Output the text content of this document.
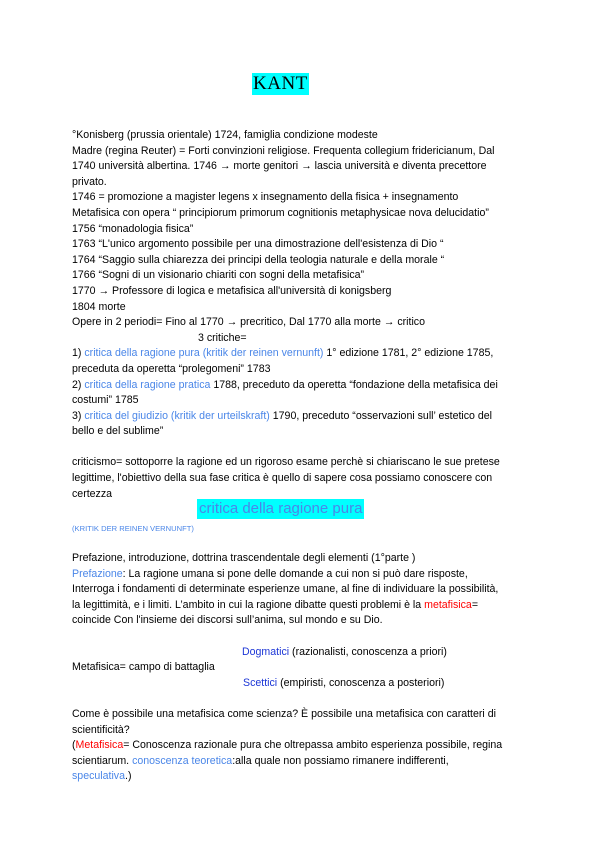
KANT
°Konisberg (prussia orientale) 1724, famiglia condizione modeste
Madre (regina Reuter) = Forti convinzioni religiose. Frequenta collegium fridericianum, Dal
1740 università albertina. 1746 → morte genitori → lascia università e diventa precettore
privato.
1746 = promozione a magister legens x insegnamento della fisica + insegnamento
Metafisica con opera “ principiorum primorum cognitionis metaphysicae nova delucidatio”
1756 “monadologia fisica”
1763 “L'unico argomento possibile per una dimostrazione dell'esistenza di Dio “
1764 “Saggio sulla chiarezza dei principi della teologia naturale e della morale “
1766 “Sogni di un visionario chiariti con sogni della metafisica”
1770 → Professore di logica e metafisica all'università di konigsberg
1804 morte
Opere in 2 periodi= Fino al 1770 → precritico, Dal 1770 alla morte → critico
3 critiche=
1) critica della ragione pura (kritik der reinen vernunft) 1° edizione 1781, 2° edizione 1785,
preceduta da operetta “prolegomeni” 1783
2) critica della ragione pratica 1788, preceduto da operetta “fondazione della metafisica dei
costumi” 1785
3) critica del giudizio (kritik der urteilskraft) 1790, preceduto “osservazioni sull’ estetico del
bello e del sublime”
criticismo= sottoporre la ragione ed un rigoroso esame perchè si chiariscano le sue pretese
legittime, l'obiettivo della sua fase critica è quello di sapere cosa possiamo conoscere con
certezza
critica della ragione pura
(KRITIK DER REINEN VERNUNFT)
Prefazione, introduzione, dottrina trascendentale degli elementi (1°parte )
Prefazione: La ragione umana si pone delle domande a cui non si può dare risposte,
Interroga i fondamenti di determinate esperienze umane, al fine di individuare la possibilità,
la legittimità, e i limiti. L’ambito in cui la ragione dibatte questi problemi è la metafisica=
coincide Con l'insieme dei discorsi sull’anima, sul mondo e su Dio.
Dogmatici (razionalisti, conoscenza a priori)
Metafisica= campo di battaglia
Scettici (empiristi, conoscenza a posteriori)
Come è possibile una metafisica come scienza? È possibile una metafisica con caratteri di
scientificità?
(Metafisica= Conoscenza razionale pura che oltrepassa ambito esperienza possibile, regina
scientiarum. conoscenza teoretica:alla quale non possiamo rimanere indifferenti,
speculativa.)
